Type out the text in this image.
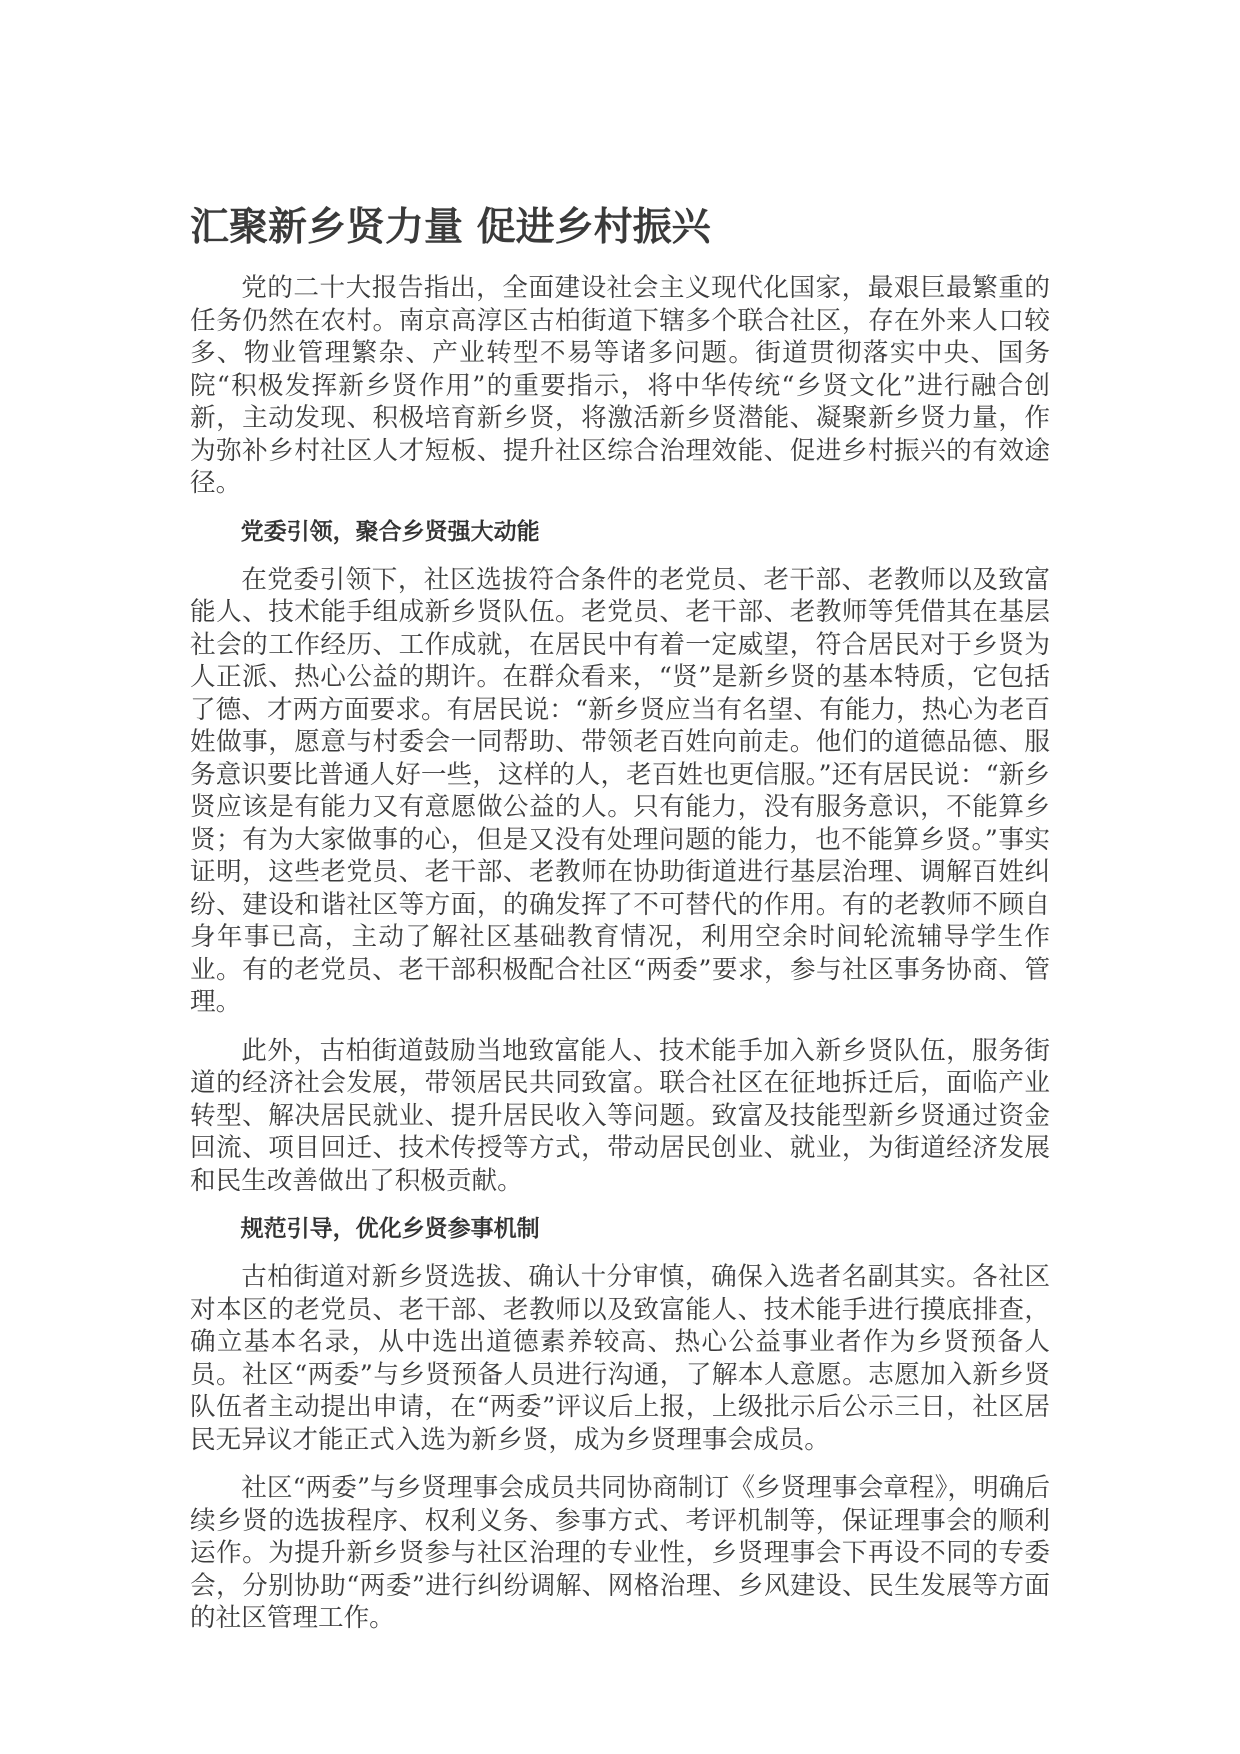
汇聚新乡贤力量 促进乡村振兴

党的二十大报告指出，全面建设社会主义现代化国家，最艰巨最繁重的任务仍然在农村。南京高淳区古柏街道下辖多个联合社区，存在外来人口较多、物业管理繁杂、产业转型不易等诸多问题。街道贯彻落实中央、国务院“积极发挥新乡贤作用”的重要指示，将中华传统“乡贤文化”进行融合创新，主动发现、积极培育新乡贤，将激活新乡贤潜能、凝聚新乡贤力量，作为弥补乡村社区人才短板、提升社区综合治理效能、促进乡村振兴的有效途径。

党委引领，聚合乡贤强大动能

在党委引领下，社区选拔符合条件的老党员、老干部、老教师以及致富能人、技术能手组成新乡贤队伍。老党员、老干部、老教师等凭借其在基层社会的工作经历、工作成就，在居民中有着一定威望，符合居民对于乡贤为人正派、热心公益的期许。在群众看来，“贤”是新乡贤的基本特质，它包括了德、才两方面要求。有居民说：“新乡贤应当有名望、有能力，热心为老百姓做事，愿意与村委会一同帮助、带领老百姓向前走。他们的道德品德、服务意识要比普通人好一些，这样的人，老百姓也更信服。”还有居民说：“新乡贤应该是有能力又有意愿做公益的人。只有能力，没有服务意识，不能算乡贤；有为大家做事的心，但是又没有处理问题的能力，也不能算乡贤。”事实证明，这些老党员、老干部、老教师在协助街道进行基层治理、调解百姓纠纷、建设和谐社区等方面，的确发挥了不可替代的作用。有的老教师不顾自身年事已高，主动了解社区基础教育情况，利用空余时间轮流辅导学生作业。有的老党员、老干部积极配合社区“两委”要求，参与社区事务协商、管理。

此外，古柏街道鼓励当地致富能人、技术能手加入新乡贤队伍，服务街道的经济社会发展，带领居民共同致富。联合社区在征地拆迁后，面临产业转型、解决居民就业、提升居民收入等问题。致富及技能型新乡贤通过资金回流、项目回迁、技术传授等方式，带动居民创业、就业，为街道经济发展和民生改善做出了积极贡献。

规范引导，优化乡贤参事机制

古柏街道对新乡贤选拔、确认十分审慎，确保入选者名副其实。各社区对本区的老党员、老干部、老教师以及致富能人、技术能手进行摸底排查，确立基本名录，从中选出道德素养较高、热心公益事业者作为乡贤预备人员。社区“两委”与乡贤预备人员进行沟通，了解本人意愿。志愿加入新乡贤队伍者主动提出申请，在“两委”评议后上报，上级批示后公示三日，社区居民无异议才能正式入选为新乡贤，成为乡贤理事会成员。

社区“两委”与乡贤理事会成员共同协商制订《乡贤理事会章程》，明确后续乡贤的选拔程序、权利义务、参事方式、考评机制等，保证理事会的顺利运作。为提升新乡贤参与社区治理的专业性，乡贤理事会下再设不同的专委会，分别协助“两委”进行纠纷调解、网格治理、乡风建设、民生发展等方面的社区管理工作。
